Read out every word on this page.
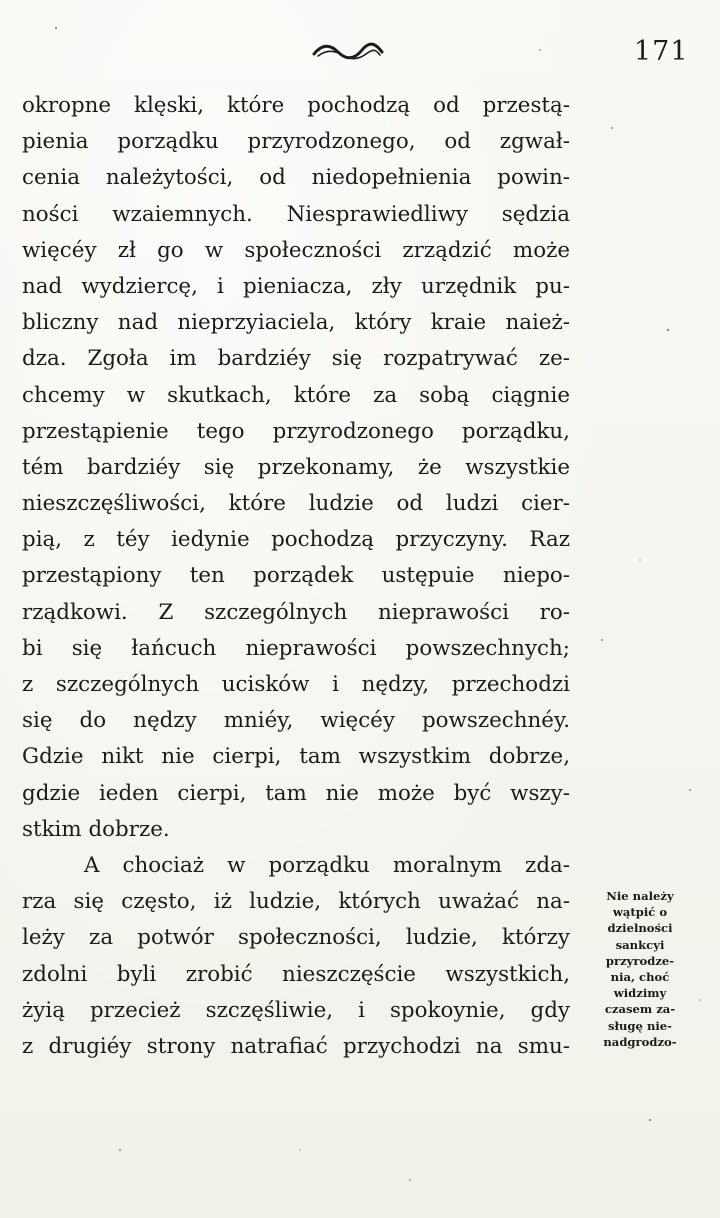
171
okropne klęski, które pochodzą od przestą-
pienia porządku przyrodzonego, od zgwał-
cenia należytości, od niedopełnienia powin-
ności wzaiemnych. Niesprawiedliwy sędzia
więcéy zł go w społeczności zrządzić może
nad wydziercę, i pieniacza, zły urzędnik pu-
bliczny nad nieprzyiaciela, który kraie naież-
dza. Zgoła im bardziéy się rozpatrywać ze-
chcemy w skutkach, które za sobą ciągnie
przestąpienie tego przyrodzonego porządku,
tém bardziéy się przekonamy, że wszystkie
nieszczęśliwości, które ludzie od ludzi cier-
pią, z téy iedynie pochodzą przyczyny. Raz
przestąpiony ten porządek ustępuie niepo-
rządkowi. Z szczególnych nieprawości ro-
bi się łańcuch nieprawości powszechnych;
z szczególnych ucisków i nędzy, przechodzi
się do nędzy mniéy, więcéy powszechnéy.
Gdzie nikt nie cierpi, tam wszystkim dobrze,
gdzie ieden cierpi, tam nie może być wszy-
stkim dobrze.
A chociaż w porządku moralnym zda-
rza się często, iż ludzie, których uważać na-
leży za potwór społeczności, ludzie, którzy
zdolni byli zrobić nieszczęście wszystkich,
żyią przecież szczęśliwie, i spokoynie, gdy
z drugiéy strony natrafiać przychodzi na smu-
Nie należy
wątpić o
dzielności
sankcyi
przyrodze-
nia, choć
widzimy
czasem za-
sługę nie-
nadgrodzo-
